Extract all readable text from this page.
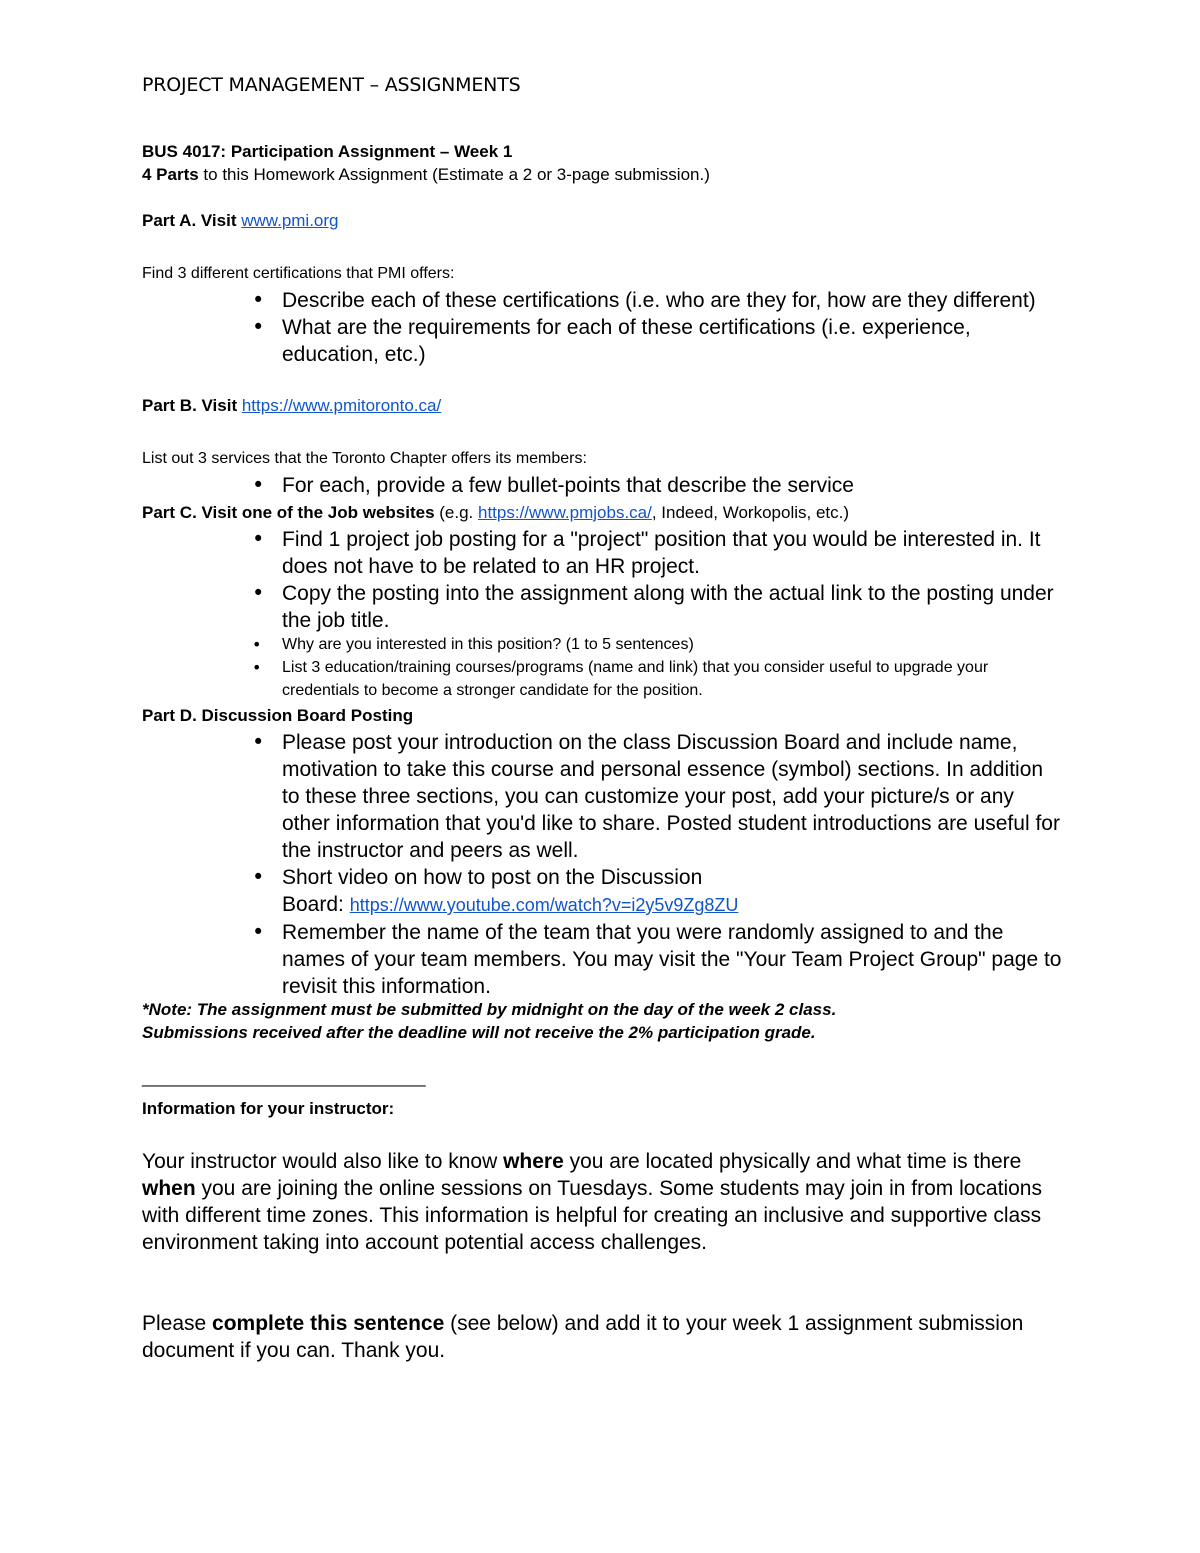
PROJECT MANAGEMENT – ASSIGNMENTS
BUS 4017: Participation Assignment – Week 1
4 Parts to this Homework Assignment (Estimate a 2 or 3-page submission.)
Part A. Visit www.pmi.org
Find 3 different certifications that PMI offers:
• Describe each of these certifications (i.e. who are they for, how are they different)
• What are the requirements for each of these certifications (i.e. experience, education, etc.)
Part B. Visit https://www.pmitoronto.ca/
List out 3 services that the Toronto Chapter offers its members:
• For each, provide a few bullet-points that describe the service
Part C. Visit one of the Job websites (e.g. https://www.pmjobs.ca/, Indeed, Workopolis, etc.)
• Find 1 project job posting for a "project" position that you would be interested in. It does not have to be related to an HR project.
• Copy the posting into the assignment along with the actual link to the posting under the job title.
• Why are you interested in this position? (1 to 5 sentences)
• List 3 education/training courses/programs (name and link) that you consider useful to upgrade your credentials to become a stronger candidate for the position.
Part D. Discussion Board Posting
• Please post your introduction on the class Discussion Board and include name, motivation to take this course and personal essence (symbol) sections. In addition to these three sections, you can customize your post, add your picture/s or any other information that you'd like to share. Posted student introductions are useful for the instructor and peers as well.
• Short video on how to post on the Discussion
Board: https://www.youtube.com/watch?v=i2y5v9Zg8ZU
• Remember the name of the team that you were randomly assigned to and the names of your team members. You may visit the "Your Team Project Group" page to revisit this information.
*Note: The assignment must be submitted by midnight on the day of the week 2 class.
Submissions received after the deadline will not receive the 2% participation grade.
______________________________
Information for your instructor:
Your instructor would also like to know where you are located physically and what time is there when you are joining the online sessions on Tuesdays. Some students may join in from locations with different time zones. This information is helpful for creating an inclusive and supportive class environment taking into account potential access challenges.
Please complete this sentence (see below) and add it to your week 1 assignment submission document if you can. Thank you.
